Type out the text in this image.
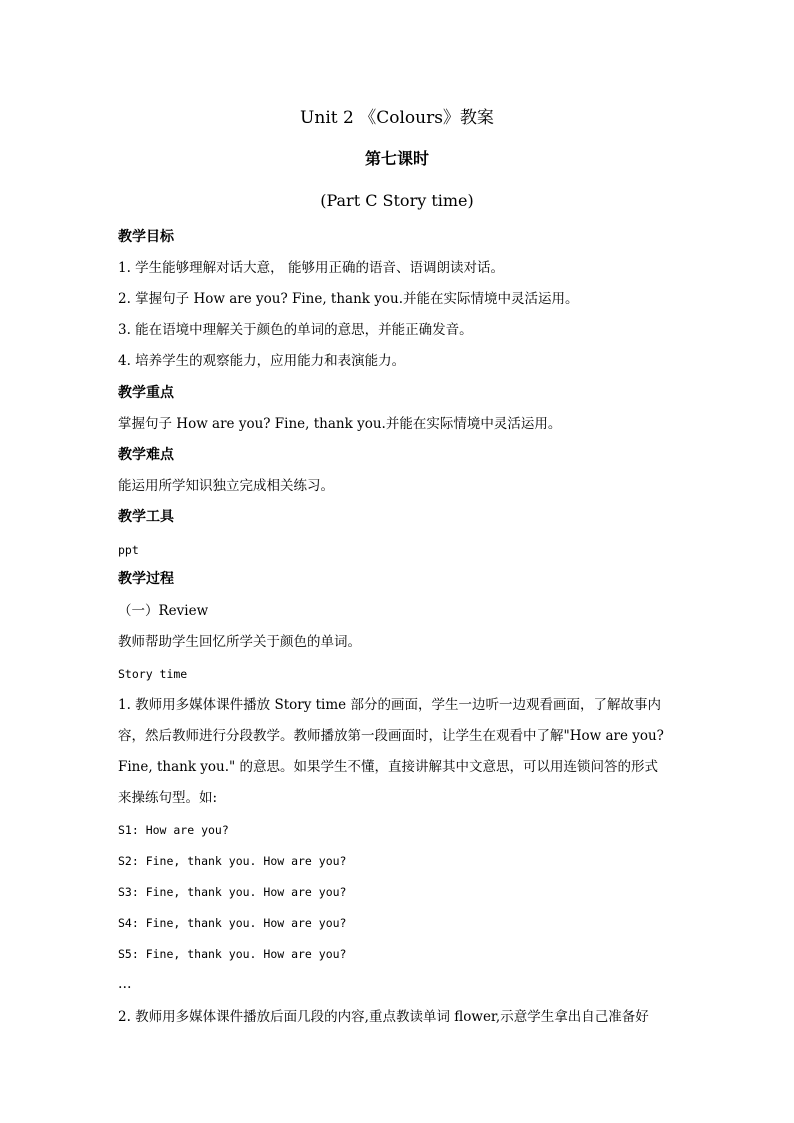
Unit 2 《Colours》教案
第七课时
(Part C Story time)
教学目标
1. 学生能够理解对话大意， 能够用正确的语音、语调朗读对话。
2. 掌握句子 How are you? Fine, thank you.并能在实际情境中灵活运用。
3. 能在语境中理解关于颜色的单词的意思，并能正确发音。
4. 培养学生的观察能力，应用能力和表演能力。
教学重点
掌握句子 How are you? Fine, thank you.并能在实际情境中灵活运用。
教学难点
能运用所学知识独立完成相关练习。
教学工具
ppt
教学过程
（一）Review
教师帮助学生回忆所学关于颜色的单词。
Story time
1. 教师用多媒体课件播放 Story time 部分的画面，学生一边听一边观看画面，了解故事内
容，然后教师进行分段教学。教师播放第一段画面时，让学生在观看中了解"How are you?
Fine, thank you." 的意思。如果学生不懂，直接讲解其中文意思，可以用连锁问答的形式
来操练句型。如:
S1: How are you?
S2: Fine, thank you. How are you?
S3: Fine, thank you. How are you?
S4: Fine, thank you. How are you?
S5: Fine, thank you. How are you?
…
2. 教师用多媒体课件播放后面几段的内容,重点教读单词 flower,示意学生拿出自己准备好
